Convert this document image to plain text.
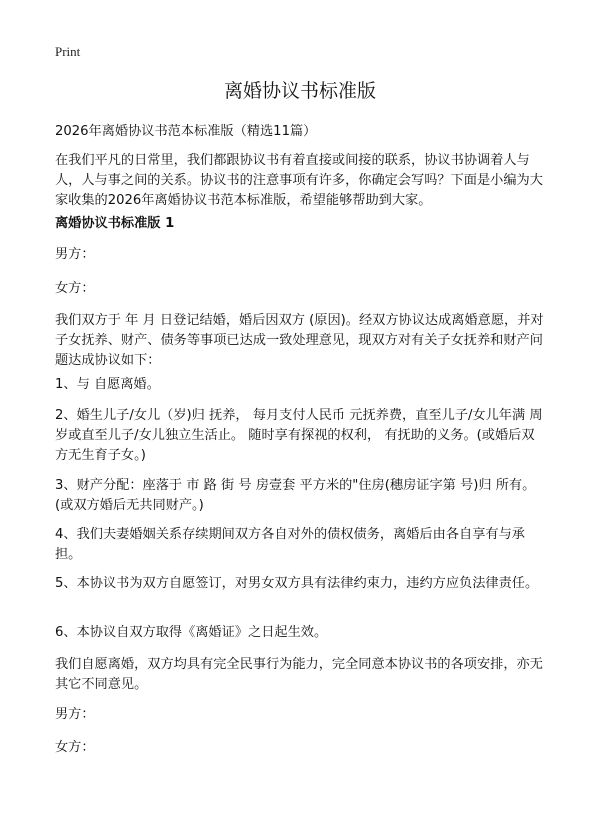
Print
离婚协议书标准版

2026年离婚协议书范本标准版（精选11篇）

在我们平凡的日常里，我们都跟协议书有着直接或间接的联系，协议书协调着人与人，人与事之间的关系。协议书的注意事项有许多，你确定会写吗？下面是小编为大家收集的2026年离婚协议书范本标准版，希望能够帮助到大家。

离婚协议书标准版 1

男方：

女方：

我们双方于 年 月 日登记结婚，婚后因双方 (原因)。经双方协议达成离婚意愿，并对子女抚养、财产、债务等事项已达成一致处理意见，现双方对有关子女抚养和财产问题达成协议如下：

1、与 自愿离婚。

2、婚生儿子/女儿（岁)归 抚养， 每月支付人民币 元抚养费，直至儿子/女儿年满 周岁或直至儿子/女儿独立生活止。 随时享有探视的权利， 有抚助的义务。(或婚后双方无生育子女。)

3、财产分配：座落于 市 路 街 号 房壹套 平方米的"住房(穗房证字第 号)归 所有。(或双方婚后无共同财产。)

4、我们夫妻婚姻关系存续期间双方各自对外的债权债务，离婚后由各自享有与承担。

5、本协议书为双方自愿签订，对男女双方具有法律约束力，违约方应负法律责任。

6、本协议自双方取得《离婚证》之日起生效。

我们自愿离婚，双方均具有完全民事行为能力，完全同意本协议书的各项安排，亦无其它不同意见。

男方：

女方：
